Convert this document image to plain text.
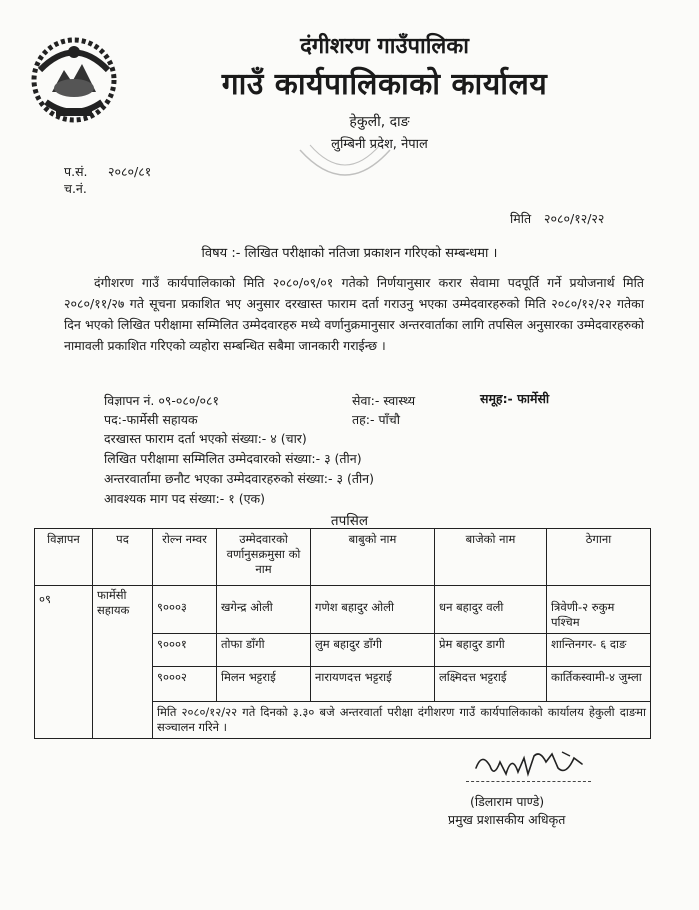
दंगीशरण गाउँपालिका
गाउँ कार्यपालिकाको कार्यालय
हेकुली, दाङ
लुम्बिनी प्रदेश, नेपाल
प.सं. २०८०/८१
च.नं.
मिति २०८०/१२/२२
विषय :- लिखित परीक्षाको नतिजा प्रकाशन गरिएको सम्बन्धमा ।
दंगीशरण गाउँ कार्यपालिकाको मिति २०८०/०९/०१ गतेको निर्णयानुसार करार सेवामा पदपूर्ति गर्ने प्रयोजनार्थ मिति २०८०/११/२७ गते सूचना प्रकाशित भए अनुसार दरखास्त फाराम दर्ता गराउनु भएका उम्मेदवारहरुको मिति २०८०/१२/२२ गतेका दिन भएको लिखित परीक्षामा सम्मिलित उम्मेदवारहरु मध्ये वर्णानुक्रमानुसार अन्तरवार्ताका लागि तपसिल अनुसारका उम्मेदवारहरुको नामावली प्रकाशित गरिएको व्यहोरा सम्बन्धित सबैमा जानकारी गराईन्छ ।
विज्ञापन नं. ०९-०८०/०८१	सेवा:- स्वास्थ्य	समूह:- फार्मेसी
पद:-फार्मेसी सहायक	तह:- पाँचौ
दरखास्त फाराम दर्ता भएको संख्या:- ४ (चार)
लिखित परीक्षामा सम्मिलित उम्मेदवारको संख्या:- ३ (तीन)
अन्तरवार्तामा छनौट भएका उम्मेदवारहरुको संख्या:- ३ (तीन)
आवश्यक माग पद संख्या:- १ (एक)
तपसिल
विज्ञापन	पद	रोल्न नम्वर	उम्मेदवारको वर्णानुसक्रमुसा को नाम	बाबुको नाम	बाजेको नाम	ठेगाना
०९	फार्मेसी सहायक	९०००३	खगेन्द्र ओली	गणेश बहादुर ओली	धन बहादुर वली	त्रिवेणी-२ रुकुम पश्चिम
		९०००१	तोफा डाँगी	लुम बहादुर डाँगी	प्रेम बहादुर डागी	शान्तिनगर- ६ दाङ
		९०००२	मिलन भट्टराई	नारायणदत्त भट्टराई	लक्ष्मिदत्त भट्टराई	कार्तिकस्वामी-४ जुम्ला
		मिति २०८०/१२/२२ गते दिनको ३.३० बजे अन्तरवार्ता परीक्षा दंगीशरण गाउँ कार्यपालिकाको कार्यालय हेकुली दाङमा सञ्चालन गरिने ।				
(डिलाराम पाण्डे)
प्रमुख प्रशासकीय अधिकृत
